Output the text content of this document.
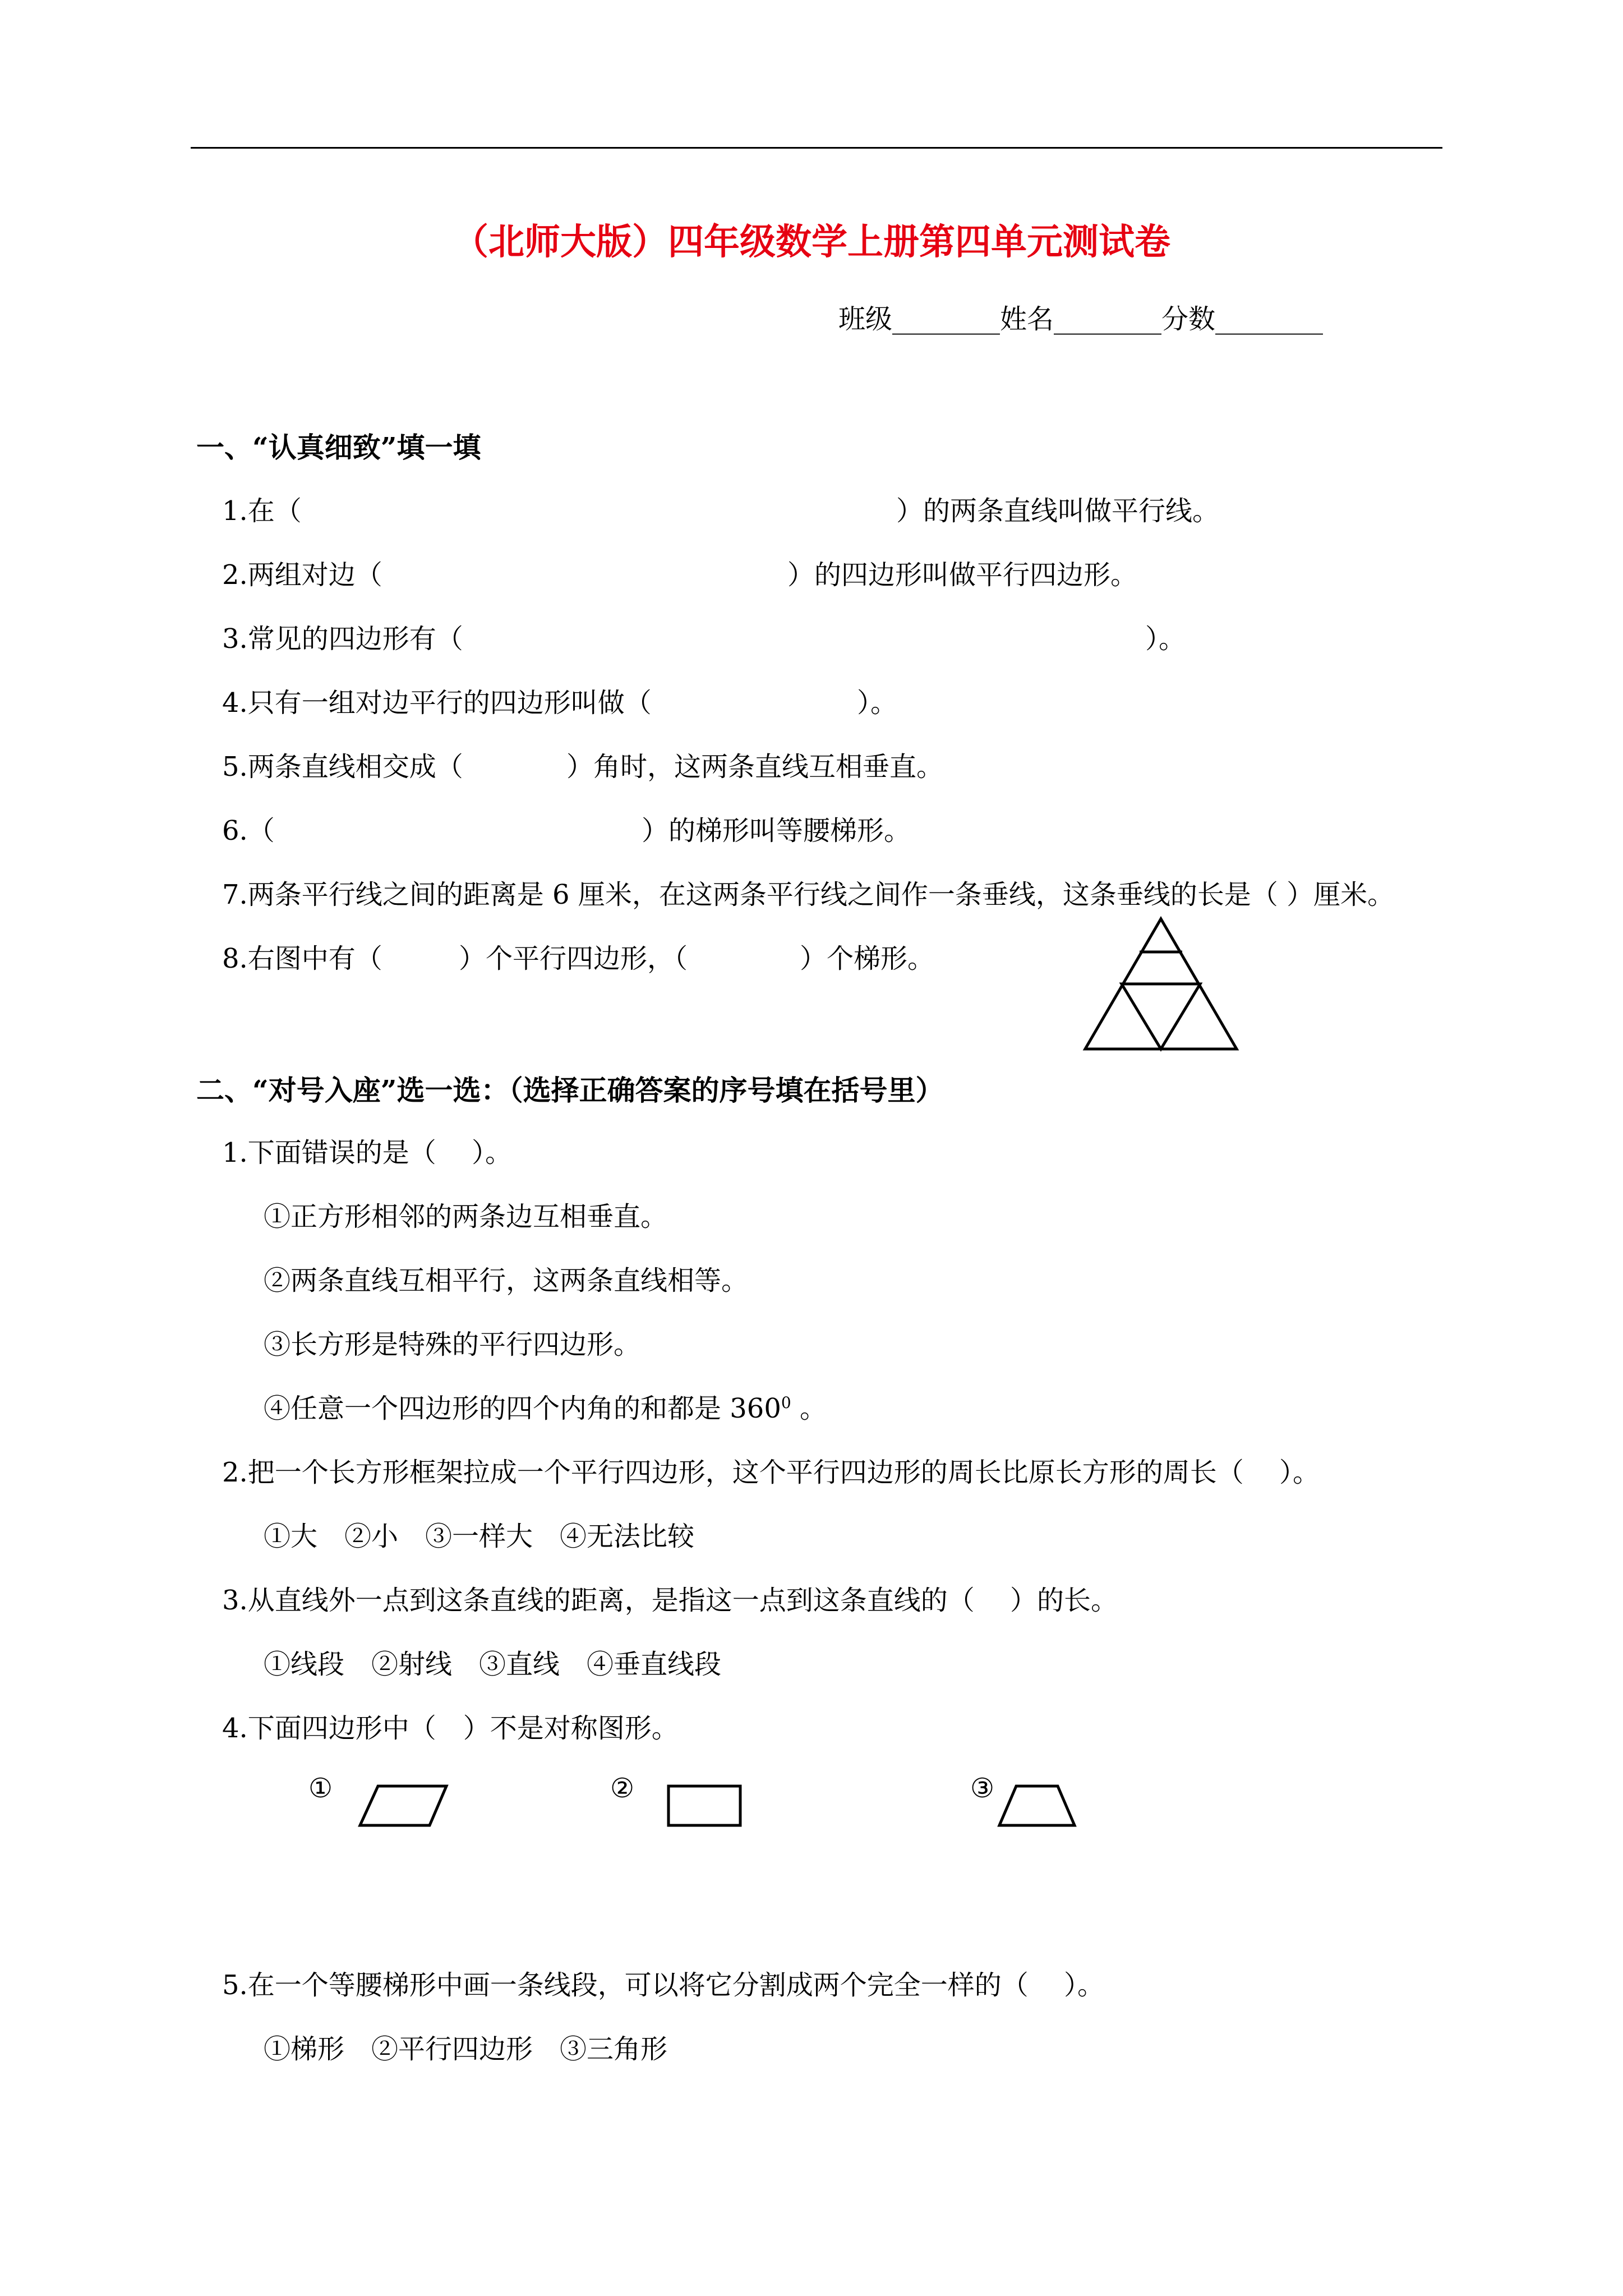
（北师大版）四年级数学上册第四单元测试卷
班级________姓名________分数________
一、“认真细致”填一填
1.在（	）的两条直线叫做平行线。
2.两组对边（	）的四边形叫做平行四边形。
3.常见的四边形有（	）。
4.只有一组对边平行的四边形叫做（	）。
5.两条直线相交成（	）角时，这两条直线互相垂直。
6.（	）的梯形叫等腰梯形。
7.两条平行线之间的距离是 6 厘米，在这两条平行线之间作一条垂线，这条垂线的长是（ ）厘米。
8.右图中有（	）个平行四边形，（	）个梯形。
二、“对号入座”选一选：（选择正确答案的序号填在括号里）
1.下面错误的是（　 ）。
①正方形相邻的两条边互相垂直。
②两条直线互相平行，这两条直线相等。
③长方形是特殊的平行四边形。
④任意一个四边形的四个内角的和都是 $360^0$ 。
2.把一个长方形框架拉成一个平行四边形，这个平行四边形的周长比原长方形的周长（　 ）。
①大　②小　③一样大　④无法比较
3.从直线外一点到这条直线的距离，是指这一点到这条直线的（　 ）的长。
①线段　②射线　③直线　④垂直线段
4.下面四边形中（　）不是对称图形。
①	②	③
5.在一个等腰梯形中画一条线段，可以将它分割成两个完全一样的（　 ）。
①梯形　②平行四边形　③三角形
